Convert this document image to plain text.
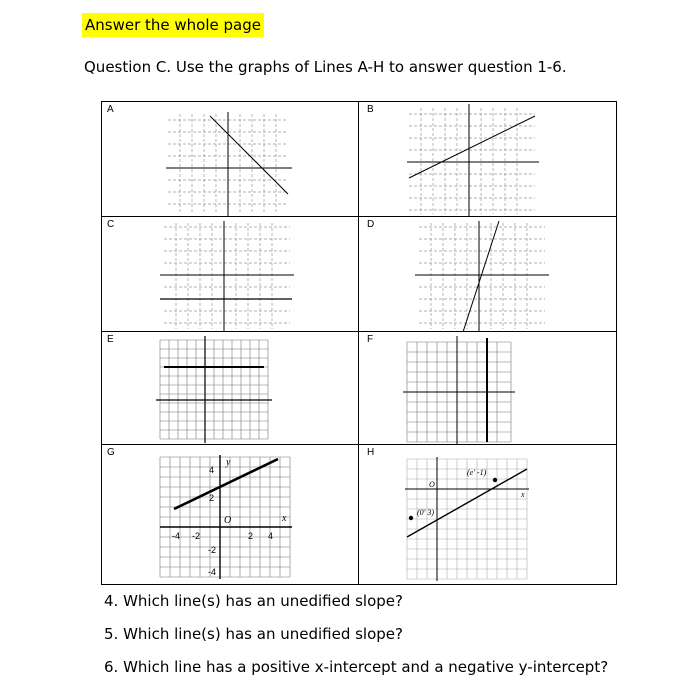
Answer the whole page
Question C. Use the graphs of Lines A-H to answer question 1-6.
A	B
C	D
E	F
G
4
2
-4 -2	2 4
-2
-4
x
y
O
H
(e' -1)
(0' 3)
O
x
4. Which line(s) has an unedified slope?
5. Which line(s) has an unedified slope?
6. Which line has a positive x-intercept and a negative y-intercept?
